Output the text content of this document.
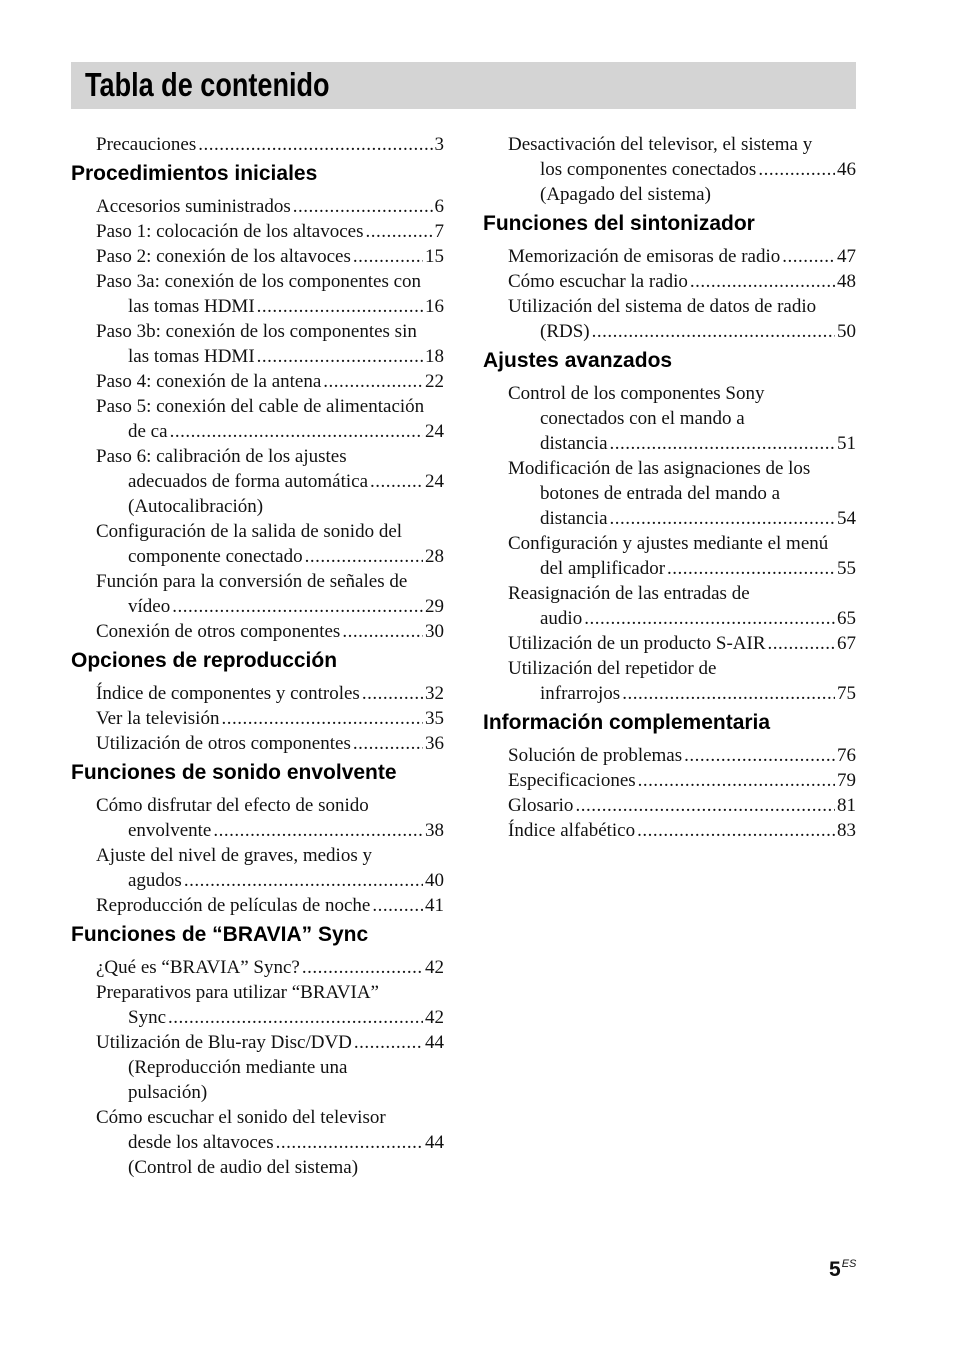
Tabla de contenido
Precauciones .....	3
Procedimientos iniciales
Accesorios suministrados .....	6
Paso 1: colocación de los altavoces .....	7
Paso 2: conexión de los altavoces .....	15
Paso 3a: conexión de los componentes con
las tomas HDMI .....	16
Paso 3b: conexión de los componentes sin
las tomas HDMI .....	18
Paso 4: conexión de la antena .....	22
Paso 5: conexión del cable de alimentación
de ca .....	24
Paso 6: calibración de los ajustes
adecuados de forma automática .....	24
(Autocalibración)
Configuración de la salida de sonido del
componente conectado .....	28
Función para la conversión de señales de
vídeo .....	29
Conexión de otros componentes .....	30
Opciones de reproducción
Índice de componentes y controles .....	32
Ver la televisión .....	35
Utilización de otros componentes .....	36
Funciones de sonido envolvente
Cómo disfrutar del efecto de sonido
envolvente .....	38
Ajuste del nivel de graves, medios y
agudos .....	40
Reproducción de películas de noche .....	41
Funciones de “BRAVIA” Sync
¿Qué es “BRAVIA” Sync? .....	42
Preparativos para utilizar “BRAVIA”
Sync .....	42
Utilización de Blu-ray Disc/DVD .....	44
(Reproducción mediante una
pulsación)
Cómo escuchar el sonido del televisor
desde los altavoces .....	44
(Control de audio del sistema)
Desactivación del televisor, el sistema y
los componentes conectados .....	46
(Apagado del sistema)
Funciones del sintonizador
Memorización de emisoras de radio .....	47
Cómo escuchar la radio .....	48
Utilización del sistema de datos de radio
(RDS) .....	50
Ajustes avanzados
Control de los componentes Sony
conectados con el mando a
distancia .....	51
Modificación de las asignaciones de los
botones de entrada del mando a
distancia .....	54
Configuración y ajustes mediante el menú
del amplificador .....	55
Reasignación de las entradas de
audio .....	65
Utilización de un producto S-AIR .....	67
Utilización del repetidor de
infrarrojos .....	75
Información complementaria
Solución de problemas .....	76
Especificaciones .....	79
Glosario .....	81
Índice alfabético .....	83
$5^{ES}$
